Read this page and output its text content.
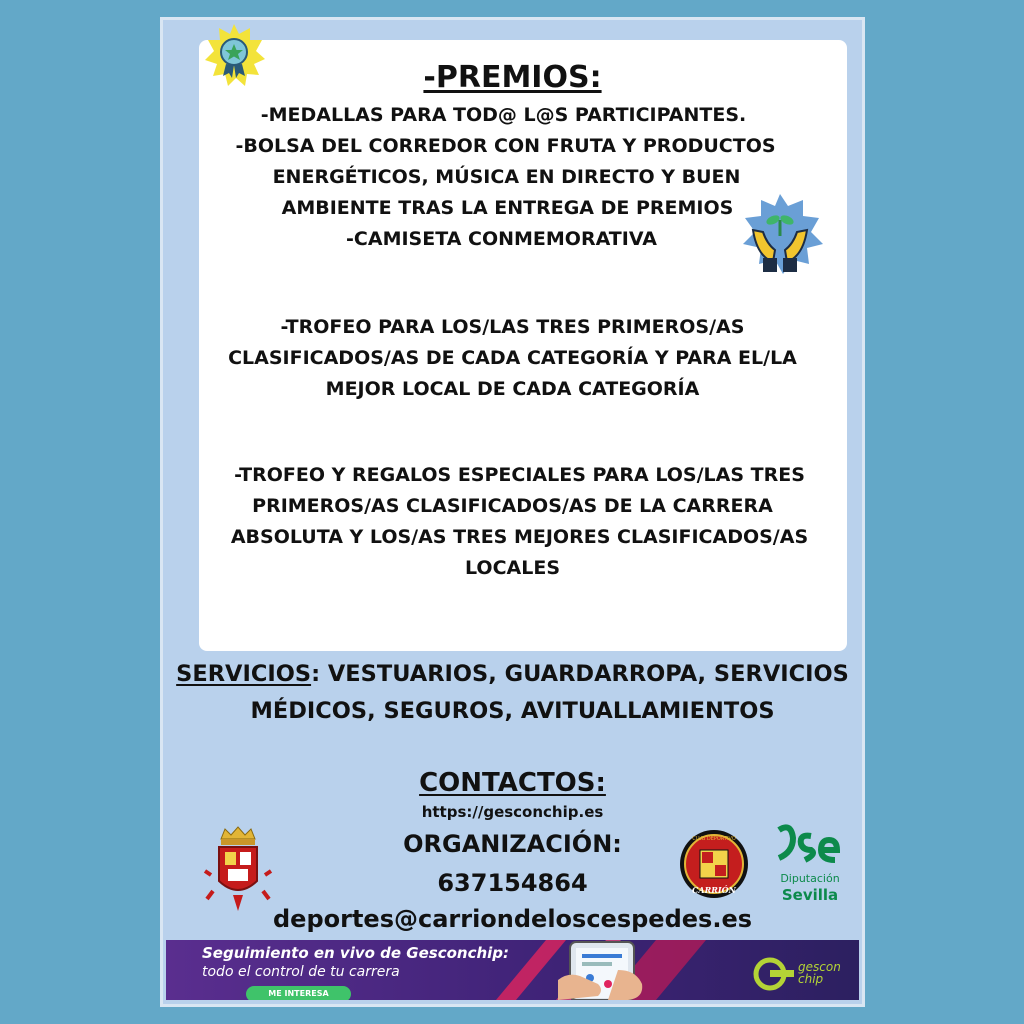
-PREMIOS:
-MEDALLAS PARA TOD@ L@S PARTICIPANTES.
-BOLSA DEL CORREDOR CON FRUTA Y PRODUCTOS
ENERGÉTICOS, MÚSICA EN DIRECTO Y BUEN
AMBIENTE TRAS LA ENTREGA DE PREMIOS
-CAMISETA CONMEMORATIVA
-TROFEO PARA LOS/LAS TRES PRIMEROS/AS
CLASIFICADOS/AS DE CADA CATEGORÍA Y PARA EL/LA
MEJOR LOCAL DE CADA CATEGORÍA
-TROFEO Y REGALOS ESPECIALES PARA LOS/LAS TRES
PRIMEROS/AS CLASIFICADOS/AS DE LA CARRERA
ABSOLUTA Y LOS/AS TRES MEJORES CLASIFICADOS/AS
LOCALES
SERVICIOS: VESTUARIOS, GUARDARROPA, SERVICIOS
MÉDICOS, SEGUROS, AVITUALLAMIENTOS
CONTACTOS:
https://gesconchip.es
ORGANIZACIÓN:
637154864
deportes@carriondeloscespedes.es
CLUB DEPORTIVO
CARRIÓN
Diputación
Sevilla
Seguimiento en vivo de Gesconchip:
todo el control de tu carrera
ME INTERESA
gescon chip
